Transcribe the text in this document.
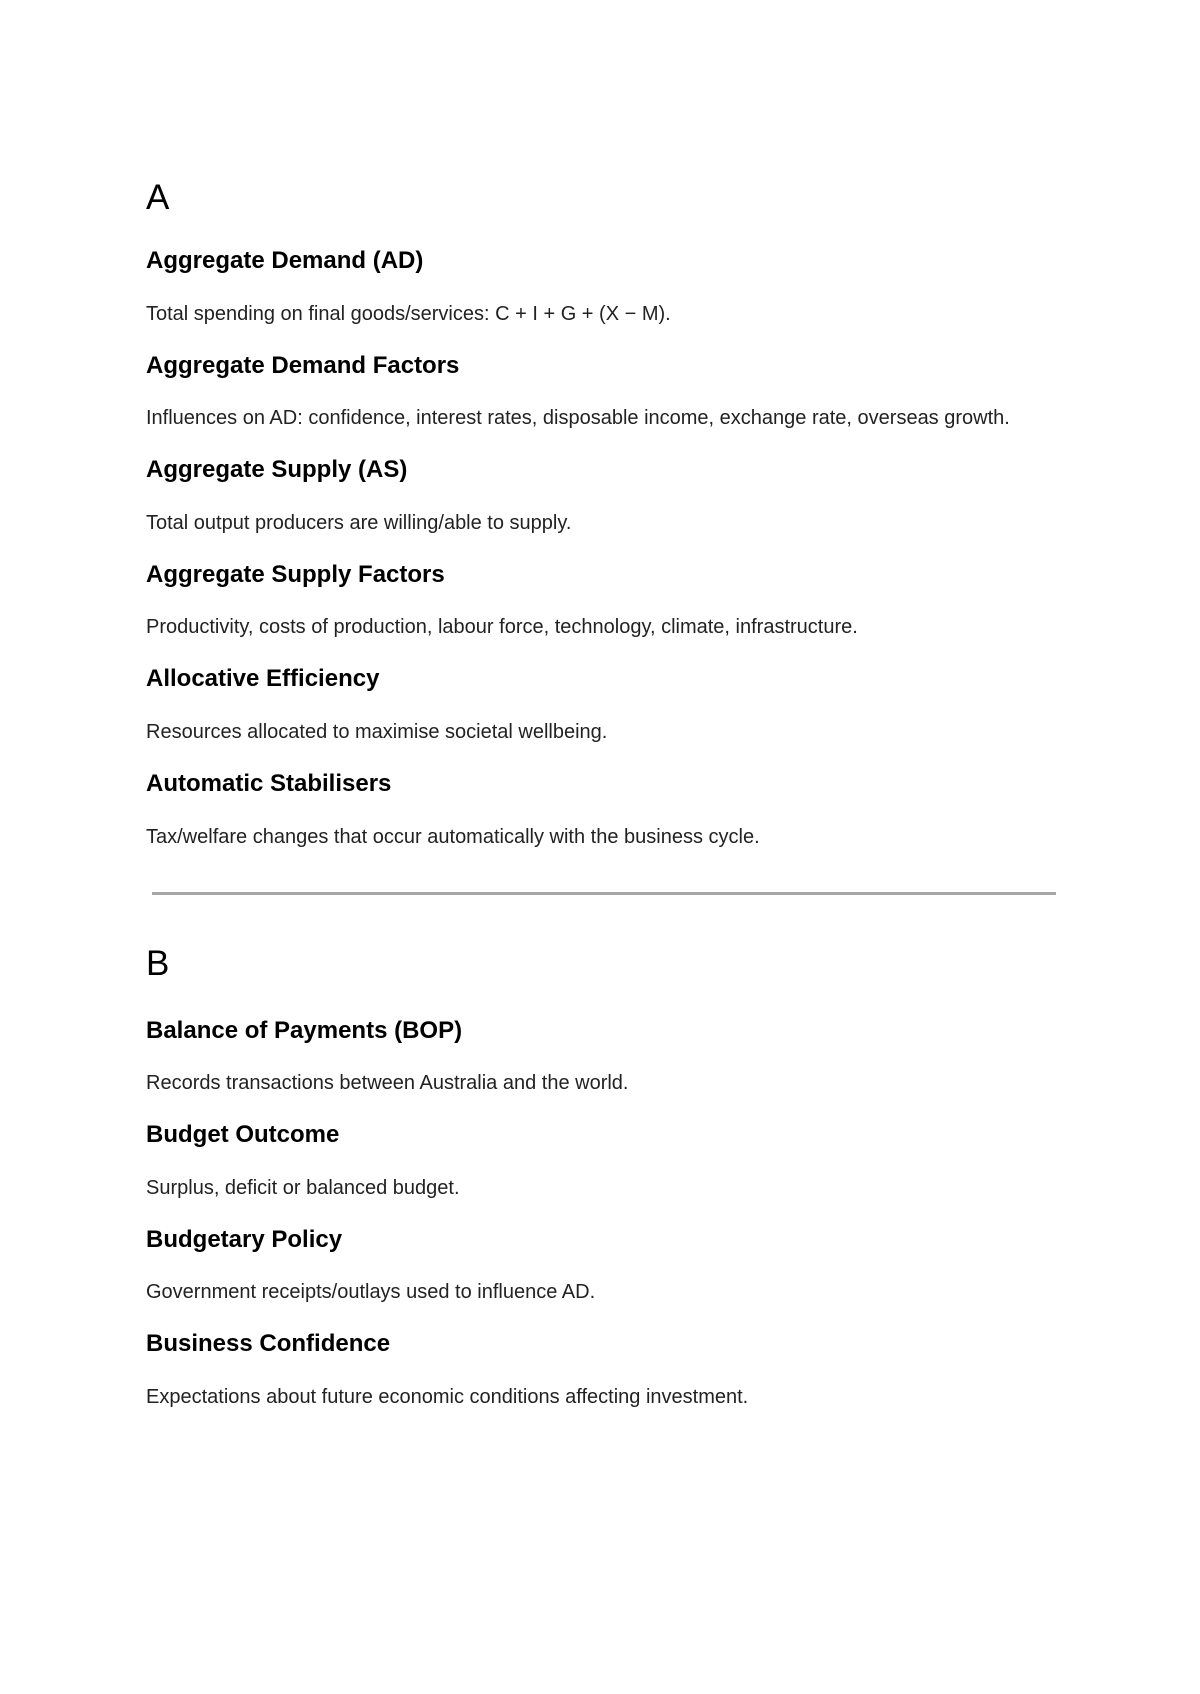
A
Aggregate Demand (AD)

Total spending on final goods/services: C + I + G + (X − M).

Aggregate Demand Factors

Influences on AD: confidence, interest rates, disposable income, exchange rate, overseas growth.

Aggregate Supply (AS)

Total output producers are willing/able to supply.

Aggregate Supply Factors

Productivity, costs of production, labour force, technology, climate, infrastructure.

Allocative Efficiency

Resources allocated to maximise societal wellbeing.

Automatic Stabilisers

Tax/welfare changes that occur automatically with the business cycle.

B
Balance of Payments (BOP)

Records transactions between Australia and the world.

Budget Outcome

Surplus, deficit or balanced budget.

Budgetary Policy

Government receipts/outlays used to influence AD.

Business Confidence

Expectations about future economic conditions affecting investment.
